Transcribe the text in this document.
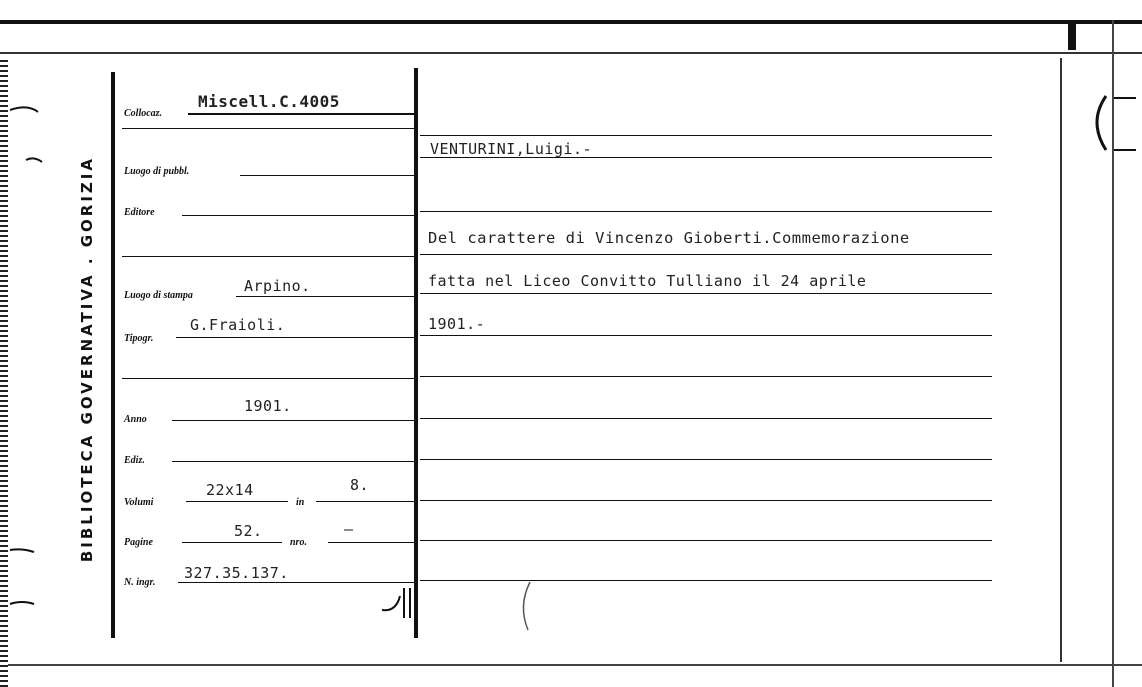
BIBLIOTECA GOVERNATIVA . GORIZIA
Collocaz.
Miscell.C.4005
Luogo di pubbl.
Editore
Luogo di stampa
Arpino.
Tipogr.
G.Fraioli.
Anno
1901.
Ediz.
Volumi
22x14
in
8.
Pagine
52.
nro.
—
N. ingr.
327.35.137.
VENTURINI,Luigi.-
Del carattere di Vincenzo Gioberti.Commemorazione
fatta nel Liceo Convitto Tulliano il 24 aprile
1901.-
